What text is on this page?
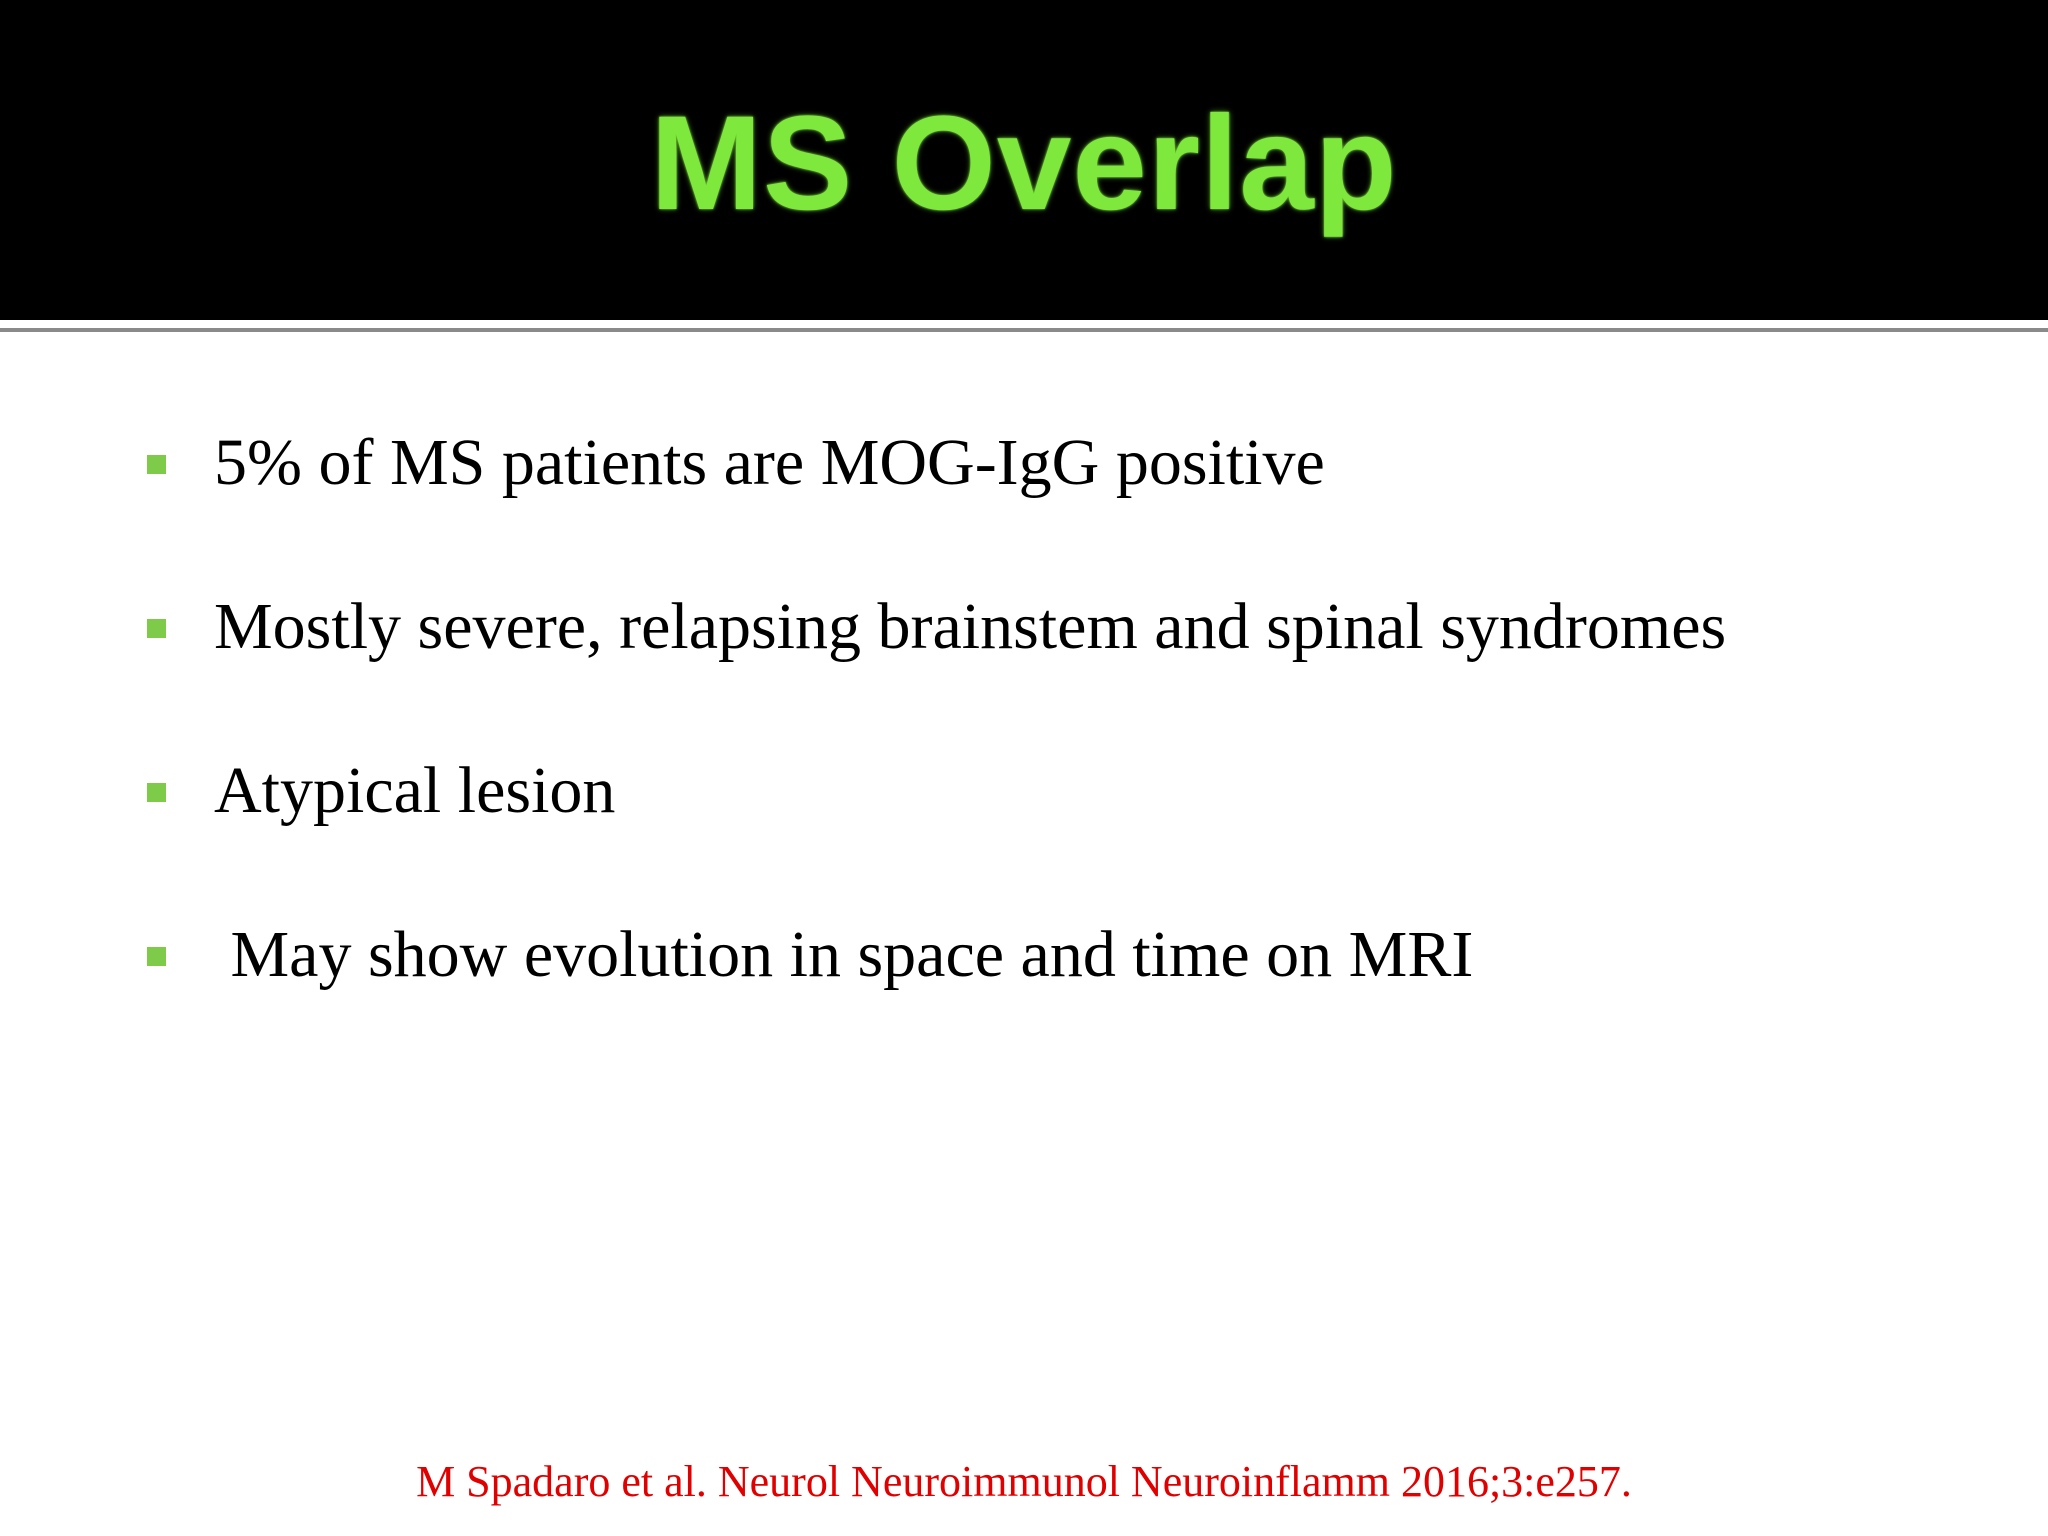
MS Overlap
5% of MS patients are MOG-IgG positive
Mostly severe, relapsing brainstem and spinal syndromes
Atypical lesion
May show evolution in space and time on MRI
M Spadaro et al. Neurol Neuroimmunol Neuroinflamm 2016;3:e257.
